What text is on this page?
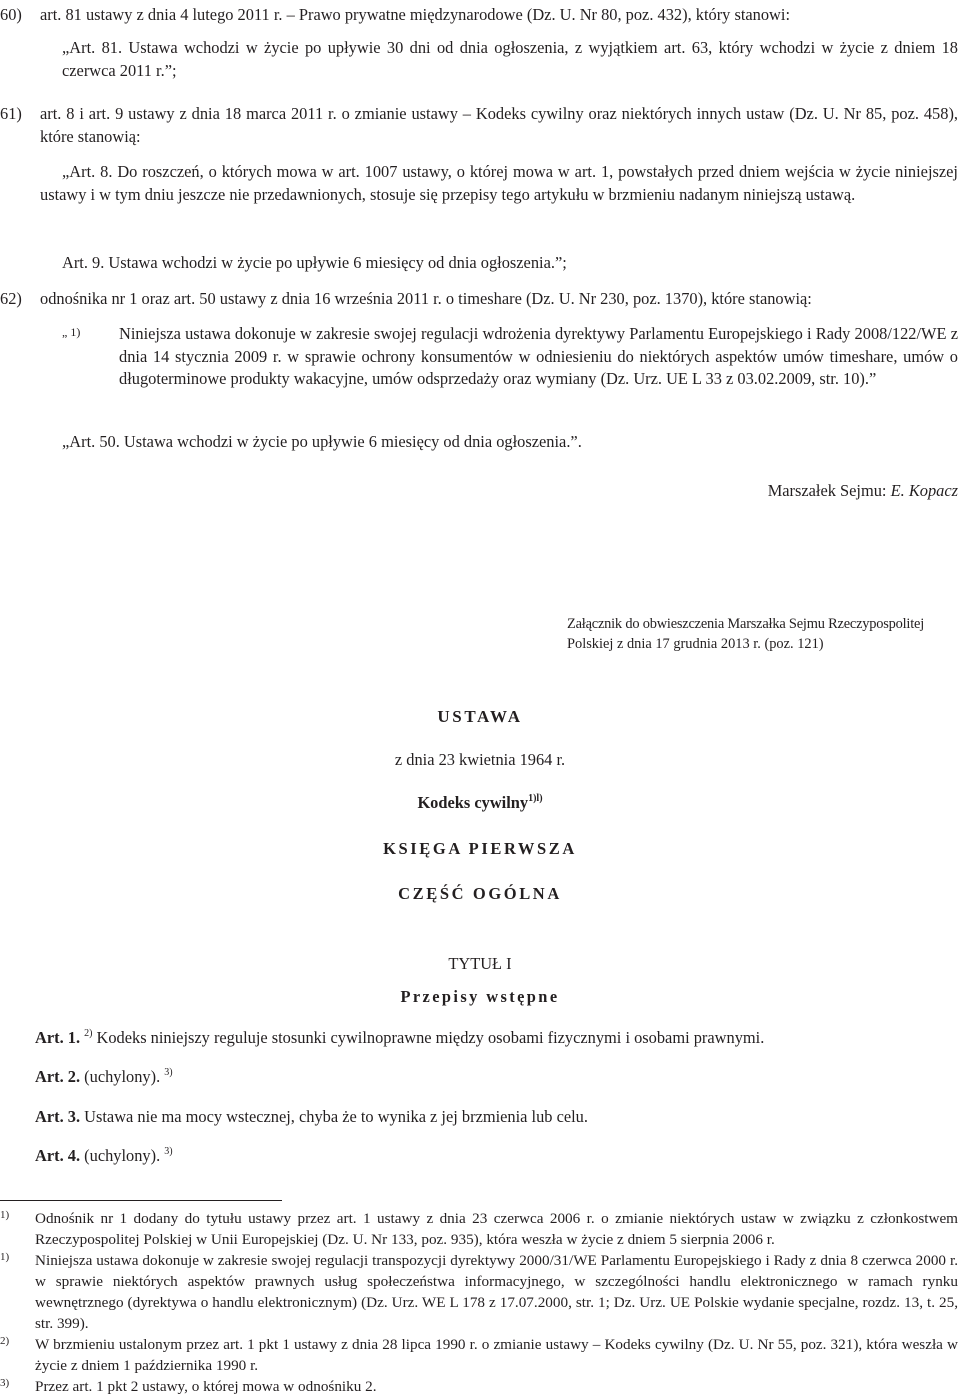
60)	art. 81 ustawy z dnia 4 lutego 2011 r. – Prawo prywatne międzynarodowe (Dz. U. Nr 80, poz. 432), który stanowi:
„Art. 81. Ustawa wchodzi w życie po upływie 30 dni od dnia ogłoszenia, z wyjątkiem art. 63, który wchodzi w życie z dniem 18 czerwca 2011 r.”;
61)	art. 8 i art. 9 ustawy z dnia 18 marca 2011 r. o zmianie ustawy – Kodeks cywilny oraz niektórych innych ustaw (Dz. U. Nr 85, poz. 458), które stanowią:
„Art. 8. Do roszczeń, o których mowa w art. 1007 ustawy, o której mowa w art. 1, powstałych przed dniem wejścia w życie niniejszej ustawy i w tym dniu jeszcze nie przedawnionych, stosuje się przepisy tego artykułu w brzmieniu nadanym niniejszą ustawą.
Art. 9. Ustawa wchodzi w życie po upływie 6 miesięcy od dnia ogłoszenia.”;
62)	odnośnika nr 1 oraz art. 50 ustawy z dnia 16 września 2011 r. o timeshare (Dz. U. Nr 230, poz. 1370), które stanowią:
„ 1) Niniejsza ustawa dokonuje w zakresie swojej regulacji wdrożenia dyrektywy Parlamentu Europejskiego i Rady 2008/122/WE z dnia 14 stycznia 2009 r. w sprawie ochrony konsumentów w odniesieniu do niektórych aspektów umów timeshare, umów o długoterminowe produkty wakacyjne, umów odsprzedaży oraz wymiany (Dz. Urz. UE L 33 z 03.02.2009, str. 10).”
„Art. 50. Ustawa wchodzi w życie po upływie 6 miesięcy od dnia ogłoszenia.”.
Marszałek Sejmu: E. Kopacz
Załącznik do obwieszczenia Marszałka Sejmu Rzeczypospolitej
Polskiej z dnia 17 grudnia 2013 r. (poz. 121)
USTAWA
z dnia 23 kwietnia 1964 r.
Kodeks cywilny$^{1)l)}$
KSIĘGA PIERWSZA
CZĘŚĆ OGÓLNA
TYTUŁ I
Przepisy wstępne
Art. 1. $^{2)}$ Kodeks niniejszy reguluje stosunki cywilnoprawne między osobami fizycznymi i osobami prawnymi.
Art. 2. (uchylony). $^{3)}$
Art. 3. Ustawa nie ma mocy wstecznej, chyba że to wynika z jej brzmienia lub celu.
Art. 4. (uchylony). $^{3)}$
1) Odnośnik nr 1 dodany do tytułu ustawy przez art. 1 ustawy z dnia 23 czerwca 2006 r. o zmianie niektórych ustaw w związku z członkostwem Rzeczypospolitej Polskiej w Unii Europejskiej (Dz. U. Nr 133, poz. 935), która weszła w życie z dniem 5 sierpnia 2006 r.
1) Niniejsza ustawa dokonuje w zakresie swojej regulacji transpozycji dyrektywy 2000/31/WE Parlamentu Europejskiego i Rady z dnia 8 czerwca 2000 r. w sprawie niektórych aspektów prawnych usług społeczeństwa informacyjnego, w szczególności handlu elektronicznego w ramach rynku wewnętrznego (dyrektywa o handlu elektronicznym) (Dz. Urz. WE L 178 z 17.07.2000, str. 1; Dz. Urz. UE Polskie wydanie specjalne, rozdz. 13, t. 25, str. 399).
2) W brzmieniu ustalonym przez art. 1 pkt 1 ustawy z dnia 28 lipca 1990 r. o zmianie ustawy – Kodeks cywilny (Dz. U. Nr 55, poz. 321), która weszła w życie z dniem 1 października 1990 r.
3) Przez art. 1 pkt 2 ustawy, o której mowa w odnośniku 2.
